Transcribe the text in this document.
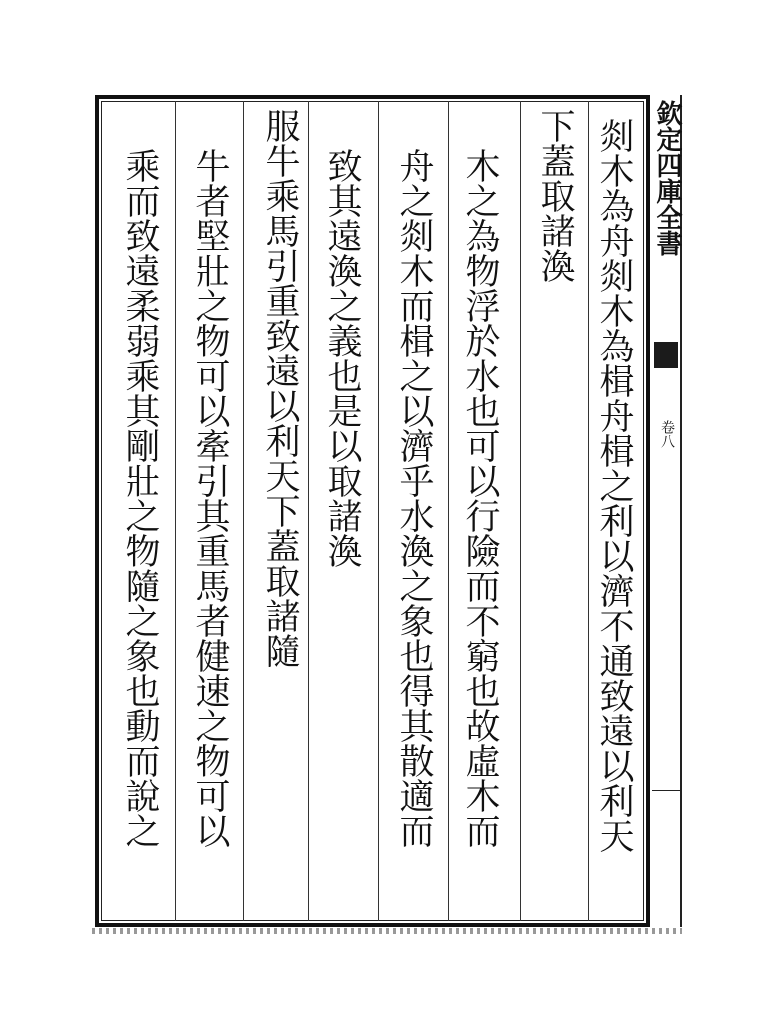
剡木為舟剡木為楫舟楫之利以濟不通致遠以利天
下蓋取諸渙
木之為物浮於水也可以行險而不窮也故虛木而
舟之剡木而楫之以濟乎水渙之象也得其散適而
致其遠渙之義也是以取諸渙
服牛乘馬引重致遠以利天下蓋取諸隨
牛者堅壯之物可以牽引其重馬者健速之物可以
乘而致遠柔弱乘其剛壯之物隨之象也動而說之	欽定四庫全書
卷八
